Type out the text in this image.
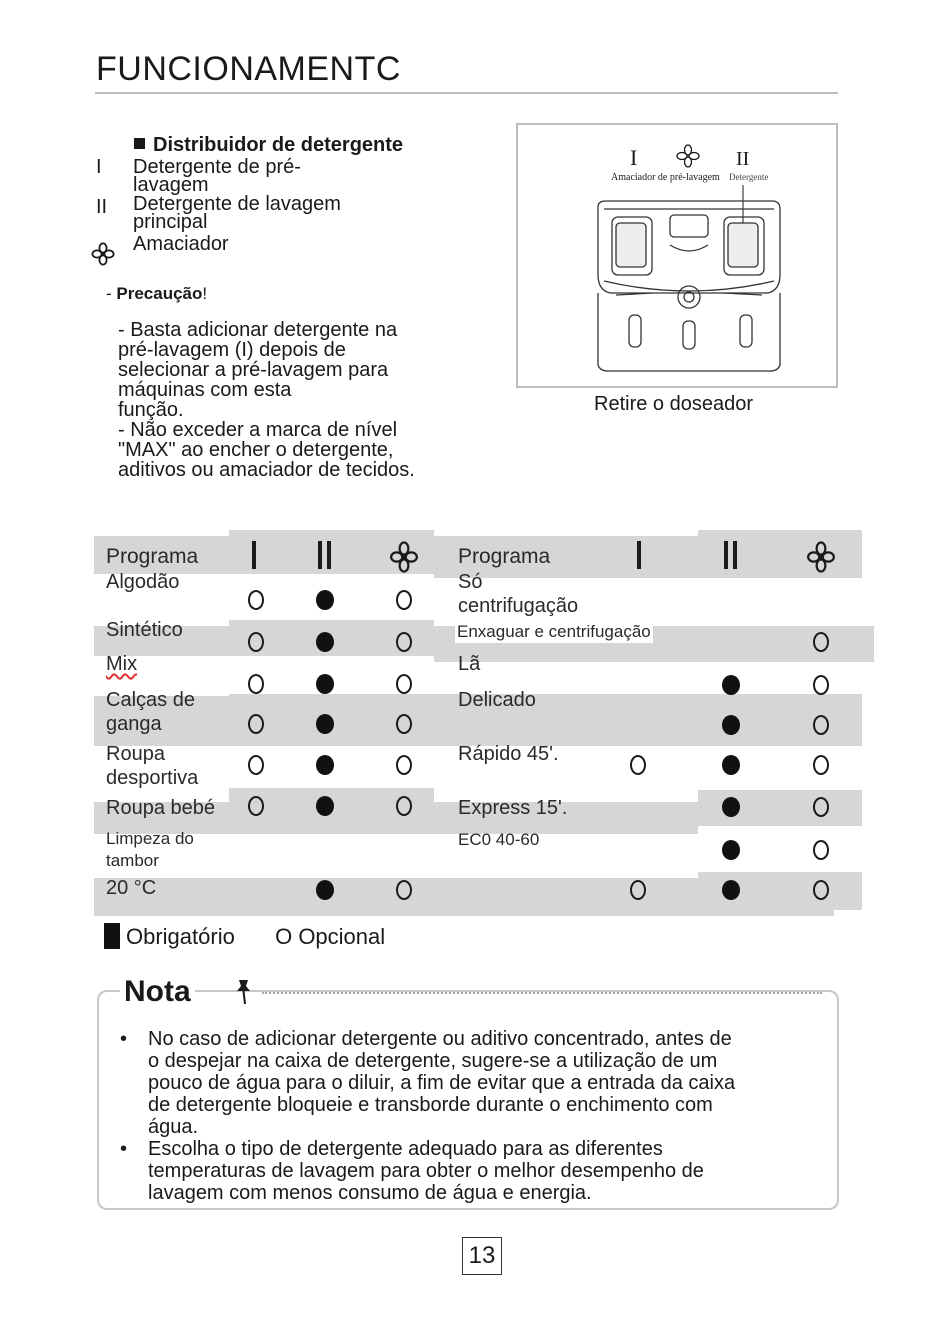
FUNCIONAMENTC
Distribuidor de detergente
I Detergente de pré-
lavagem
II Detergente de lavagem
principal
Amaciador
- Precaução!

- Basta adicionar detergente na

pré-lavagem (I) depois de

selecionar a pré-lavagem para

máquinas com esta

função.

- Não exceder a marca de nível

"MAX" ao encher o detergente,

aditivos ou amaciador de tecidos.

I	II
Amaciador de pré-lavagem Detergente
Retire o doseador
Programa	Programa
Algodão
Sintético
Mix
Calças de
ganga
Roupa
desportiva
Roupa bebé
Limpeza do
tambor
20 °C
Só
centrifugação
Enxaguar e centrifugação
Lã
Delicado
Rápido 45'.
Express 15'.
EC0 40-60
Obrigatório O Opcional
Nota
• No caso de adicionar detergente ou aditivo concentrado, antes de
o despejar na caixa de detergente, sugere-se a utilização de um
pouco de água para o diluir, a fim de evitar que a entrada da caixa
de detergente bloqueie e transborde durante o enchimento com
água.
• Escolha o tipo de detergente adequado para as diferentes
temperaturas de lavagem para obter o melhor desempenho de
lavagem com menos consumo de água e energia.
13
